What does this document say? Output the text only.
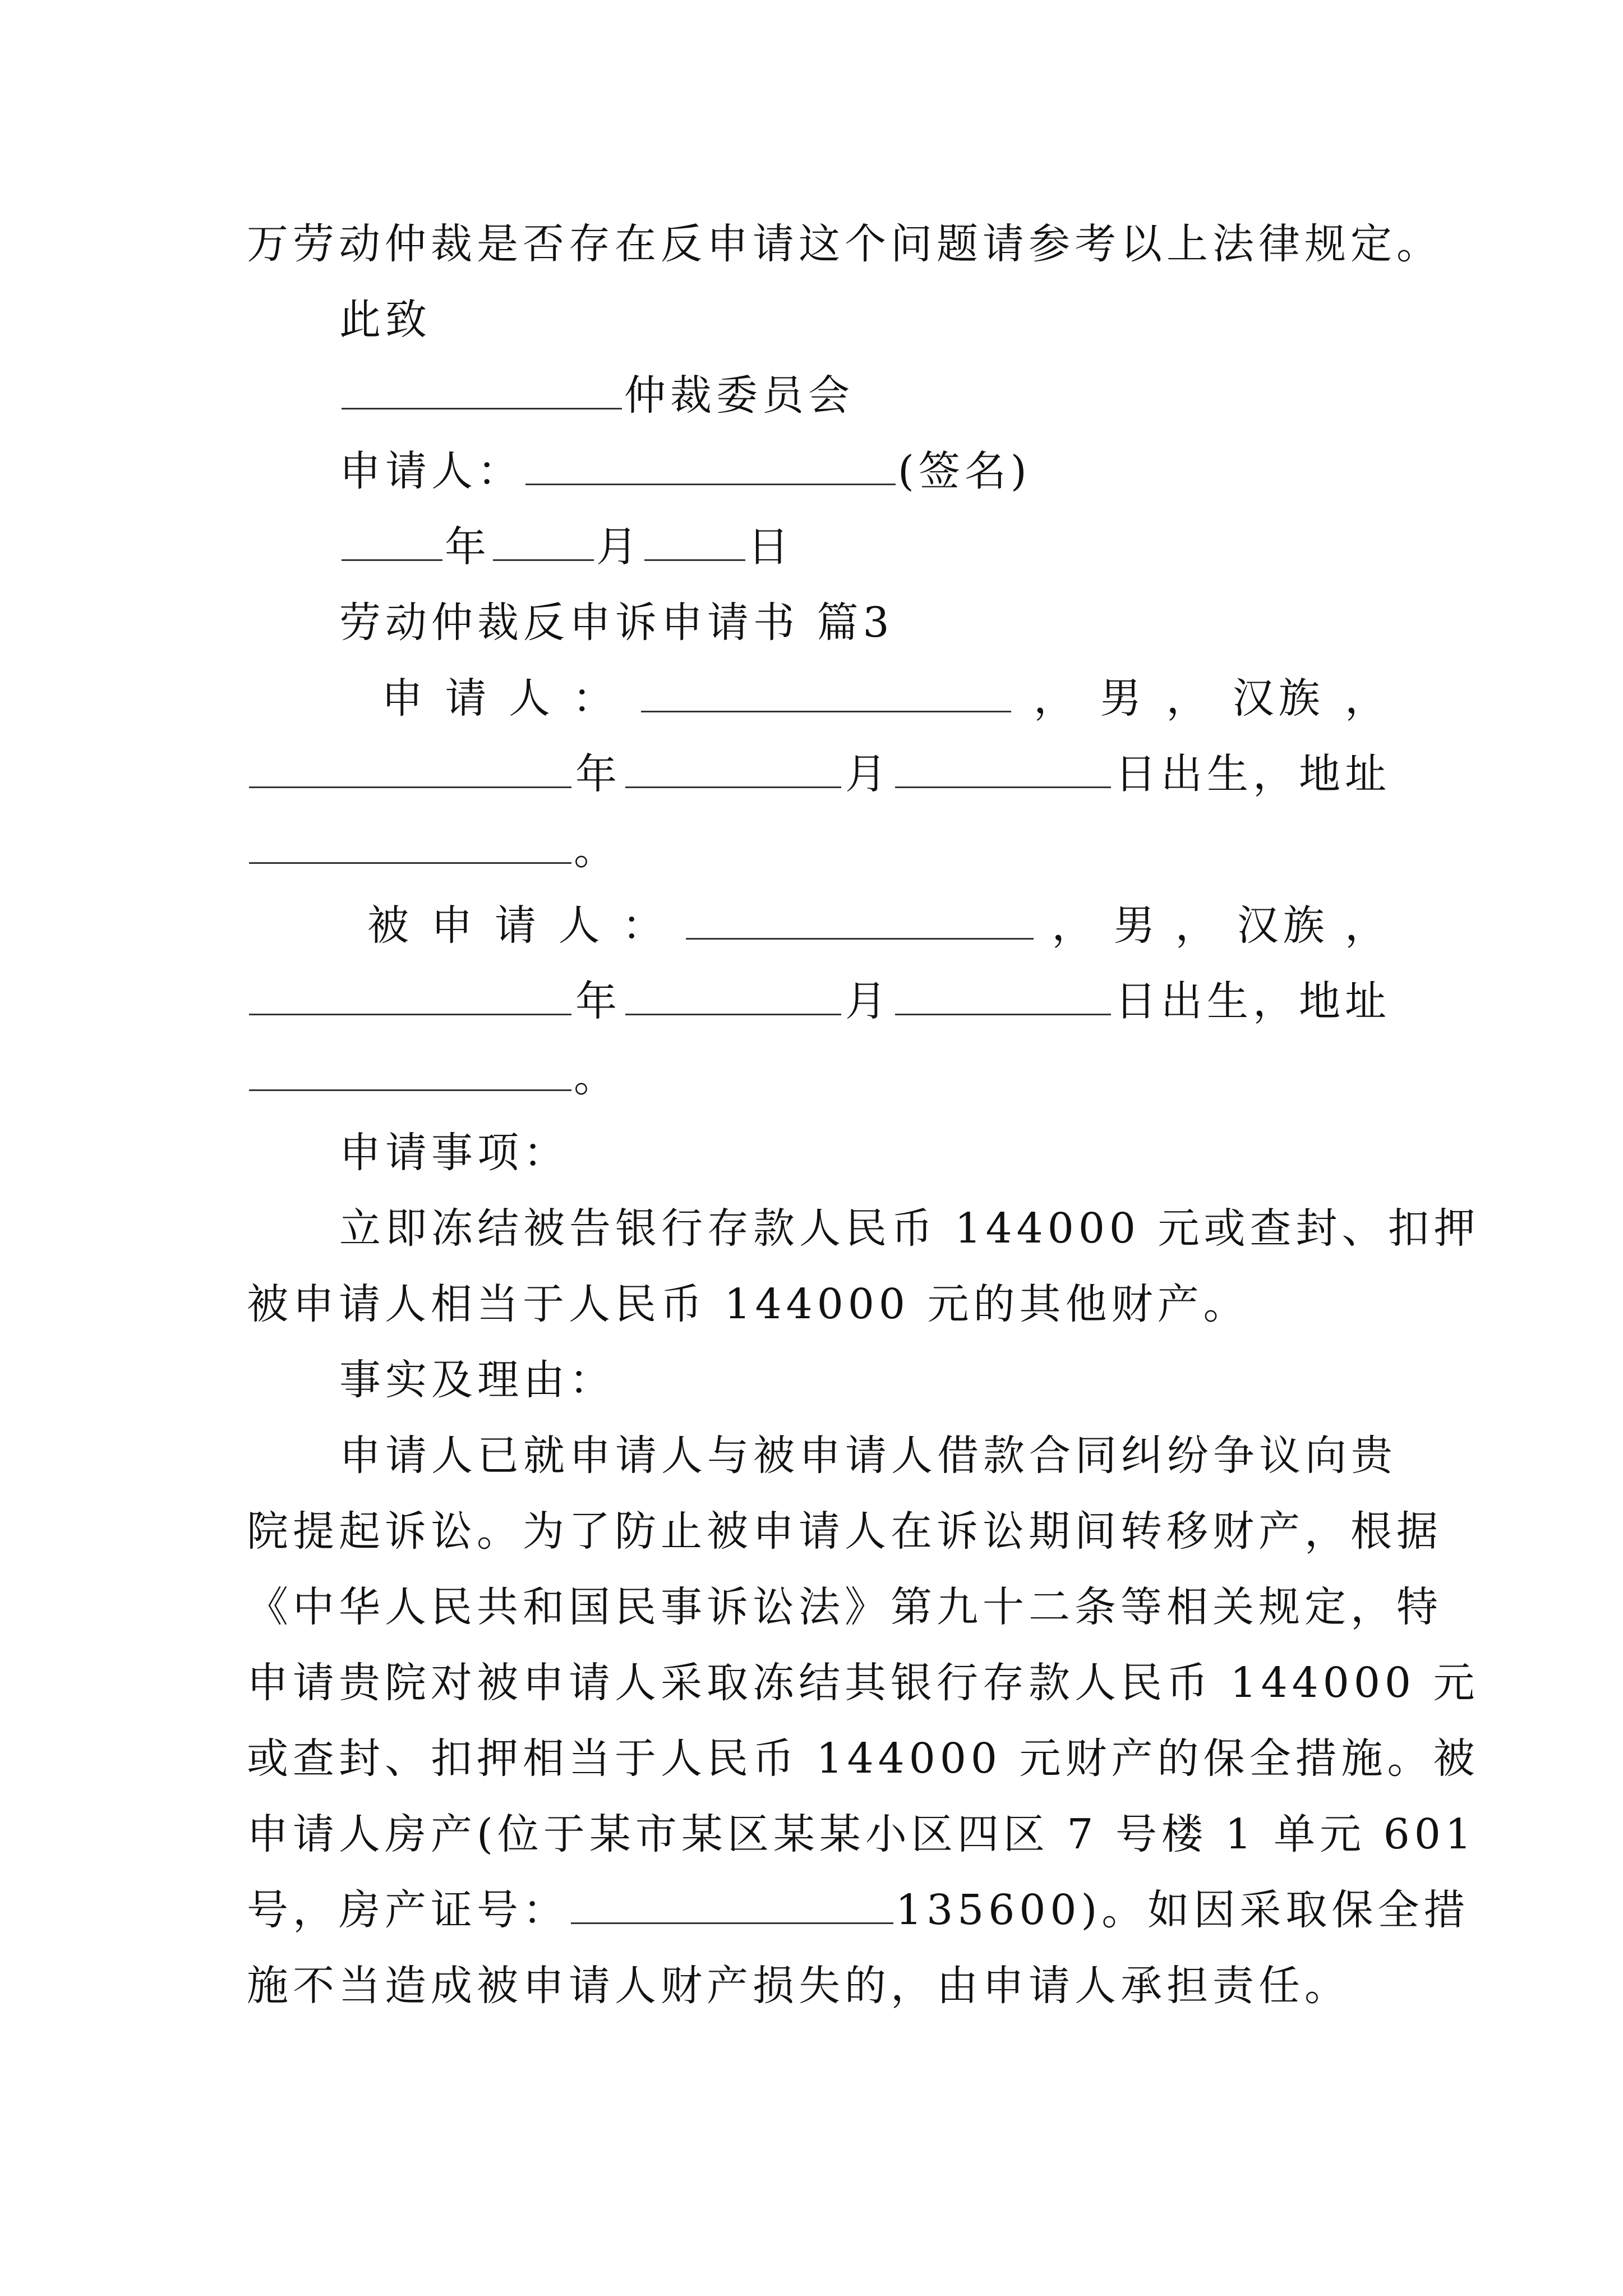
万劳动仲裁是否存在反申请这个问题请参考以上法律规定。
此致
仲裁委员会
申请人：	(签名)
年	月	日
劳动仲裁反申诉申请书 篇3
申 请 人 ：	， 男 ， 汉族 ，
年	月	日出生，地址
。
被 申 请 人 ：	， 男 ， 汉族 ，
年	月	日出生，地址
。
申请事项：
立即冻结被告银行存款人民币 144000 元或查封、扣押
被申请人相当于人民币 144000 元的其他财产。
事实及理由：
申请人已就申请人与被申请人借款合同纠纷争议向贵
院提起诉讼。为了防止被申请人在诉讼期间转移财产，根据
《中华人民共和国民事诉讼法》第九十二条等相关规定，特
申请贵院对被申请人采取冻结其银行存款人民币 144000 元
或查封、扣押相当于人民币 144000 元财产的保全措施。被
申请人房产(位于某市某区某某小区四区 7 号楼 1 单元 601
号，房产证号：	135600)。如因采取保全措
施不当造成被申请人财产损失的，由申请人承担责任。
